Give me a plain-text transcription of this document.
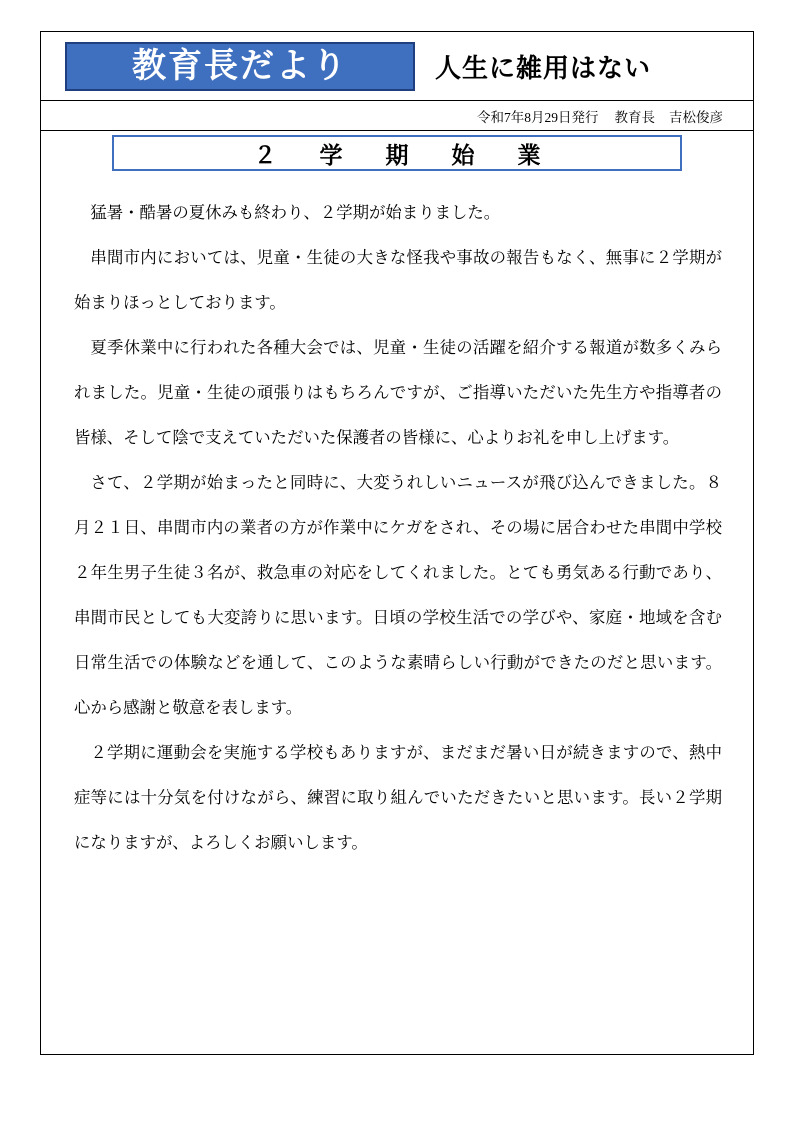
教育長だより	人生に雑用はない
令和7年8月29日発行 教育長 吉松俊彦
２　学　期　始　業

猛暑・酷暑の夏休みも終わり、２学期が始まりました。

串間市内においては、児童・生徒の大きな怪我や事故の報告もなく、無事に２学期が始まりほっとしております。

夏季休業中に行われた各種大会では、児童・生徒の活躍を紹介する報道が数多くみられました。児童・生徒の頑張りはもちろんですが、ご指導いただいた先生方や指導者の皆様、そして陰で支えていただいた保護者の皆様に、心よりお礼を申し上げます。

さて、２学期が始まったと同時に、大変うれしいニュースが飛び込んできました。８月２１日、串間市内の業者の方が作業中にケガをされ、その場に居合わせた串間中学校２年生男子生徒３名が、救急車の対応をしてくれました。とても勇気ある行動であり、串間市民としても大変誇りに思います。日頃の学校生活での学びや、家庭・地域を含む日常生活での体験などを通して、このような素晴らしい行動ができたのだと思います。心から感謝と敬意を表します。

２学期に運動会を実施する学校もありますが、まだまだ暑い日が続きますので、熱中症等には十分気を付けながら、練習に取り組んでいただきたいと思います。長い２学期になりますが、よろしくお願いします。
